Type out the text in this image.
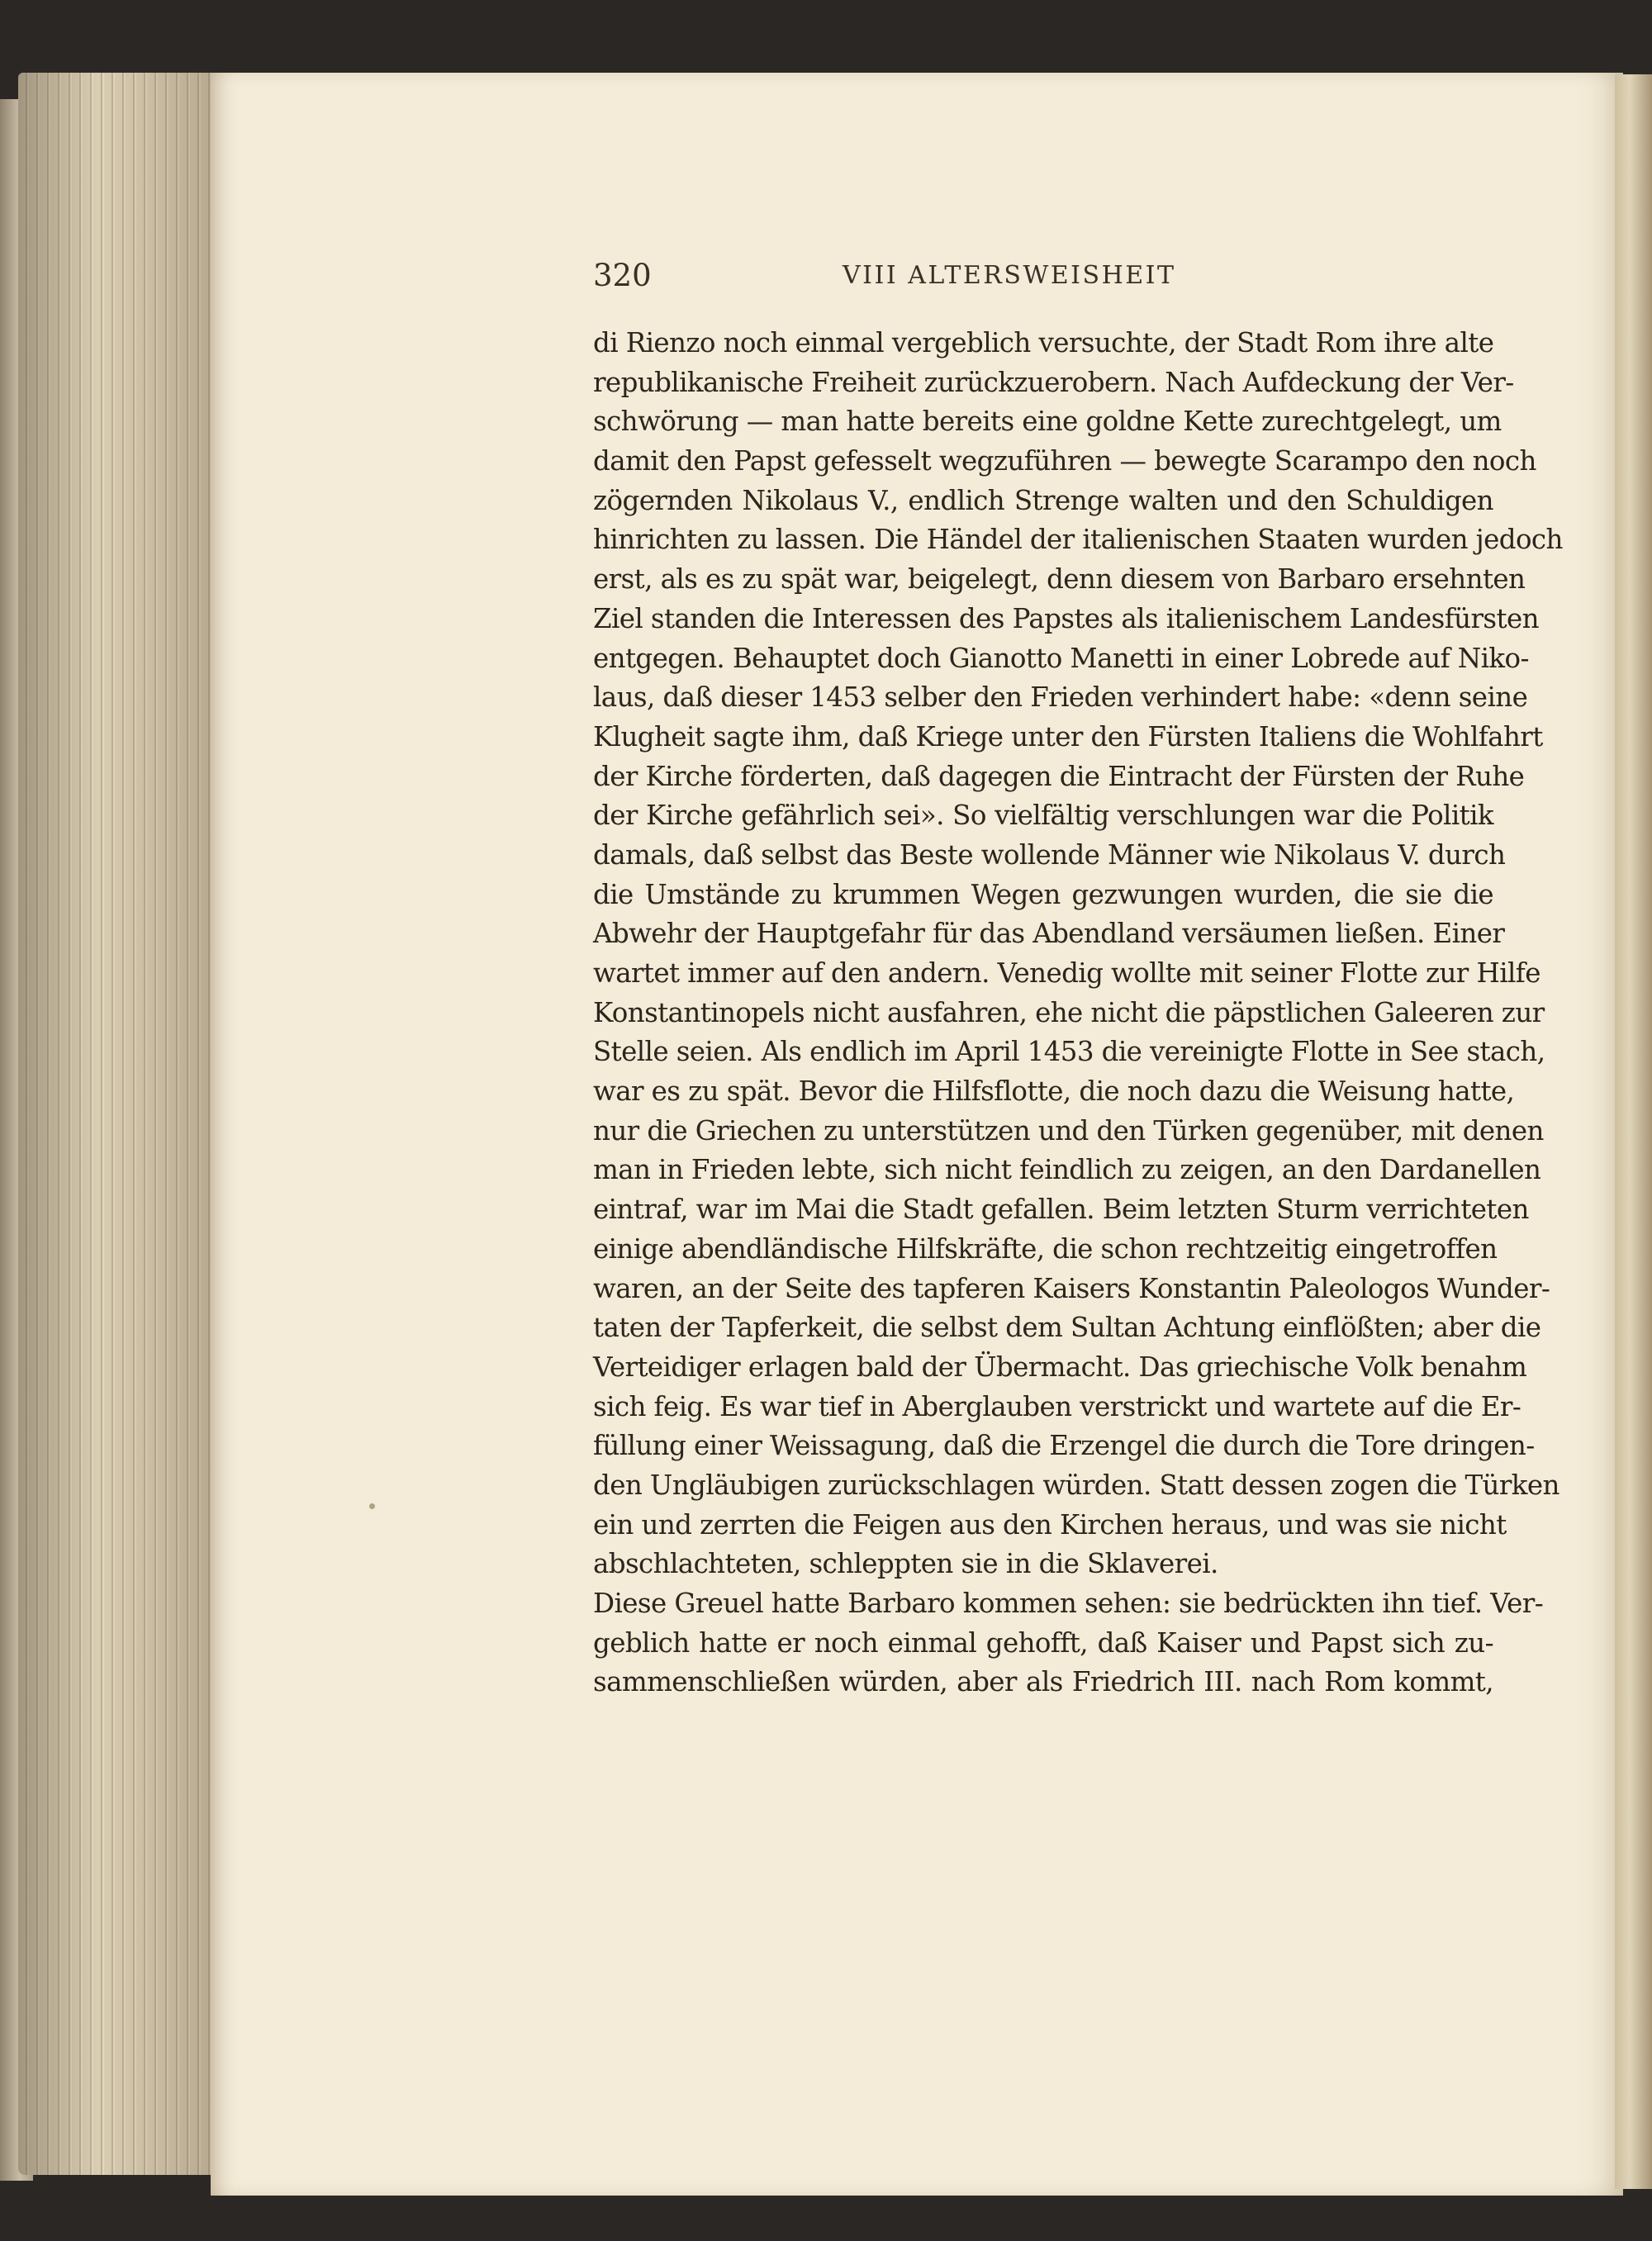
320	VIII ALTERSWEISHEIT
di Rienzo noch einmal vergeblich versuchte, der Stadt Rom ihre alte
republikanische Freiheit zurückzuerobern. Nach Aufdeckung der Ver-
schwörung — man hatte bereits eine goldne Kette zurechtgelegt, um
damit den Papst gefesselt wegzuführen — bewegte Scarampo den noch
zögernden Nikolaus V., endlich Strenge walten und den Schuldigen
hinrichten zu lassen. Die Händel der italienischen Staaten wurden jedoch
erst, als es zu spät war, beigelegt, denn diesem von Barbaro ersehnten
Ziel standen die Interessen des Papstes als italienischem Landesfürsten
entgegen. Behauptet doch Gianotto Manetti in einer Lobrede auf Niko-
laus, daß dieser 1453 selber den Frieden verhindert habe: «denn seine
Klugheit sagte ihm, daß Kriege unter den Fürsten Italiens die Wohlfahrt
der Kirche förderten, daß dagegen die Eintracht der Fürsten der Ruhe
der Kirche gefährlich sei». So vielfältig verschlungen war die Politik
damals, daß selbst das Beste wollende Männer wie Nikolaus V. durch
die Umstände zu krummen Wegen gezwungen wurden, die sie die
Abwehr der Hauptgefahr für das Abendland versäumen ließen. Einer
wartet immer auf den andern. Venedig wollte mit seiner Flotte zur Hilfe
Konstantinopels nicht ausfahren, ehe nicht die päpstlichen Galeeren zur
Stelle seien. Als endlich im April 1453 die vereinigte Flotte in See stach,
war es zu spät. Bevor die Hilfsflotte, die noch dazu die Weisung hatte,
nur die Griechen zu unterstützen und den Türken gegenüber, mit denen
man in Frieden lebte, sich nicht feindlich zu zeigen, an den Dardanellen
eintraf, war im Mai die Stadt gefallen. Beim letzten Sturm verrichteten
einige abendländische Hilfskräfte, die schon rechtzeitig eingetroffen
waren, an der Seite des tapferen Kaisers Konstantin Paleologos Wunder-
taten der Tapferkeit, die selbst dem Sultan Achtung einflößten; aber die
Verteidiger erlagen bald der Übermacht. Das griechische Volk benahm
sich feig. Es war tief in Aberglauben verstrickt und wartete auf die Er-
füllung einer Weissagung, daß die Erzengel die durch die Tore dringen-
den Ungläubigen zurückschlagen würden. Statt dessen zogen die Türken
ein und zerrten die Feigen aus den Kirchen heraus, und was sie nicht
abschlachteten, schleppten sie in die Sklaverei.
Diese Greuel hatte Barbaro kommen sehen: sie bedrückten ihn tief. Ver-
geblich hatte er noch einmal gehofft, daß Kaiser und Papst sich zu-
sammenschließen würden, aber als Friedrich III. nach Rom kommt,
